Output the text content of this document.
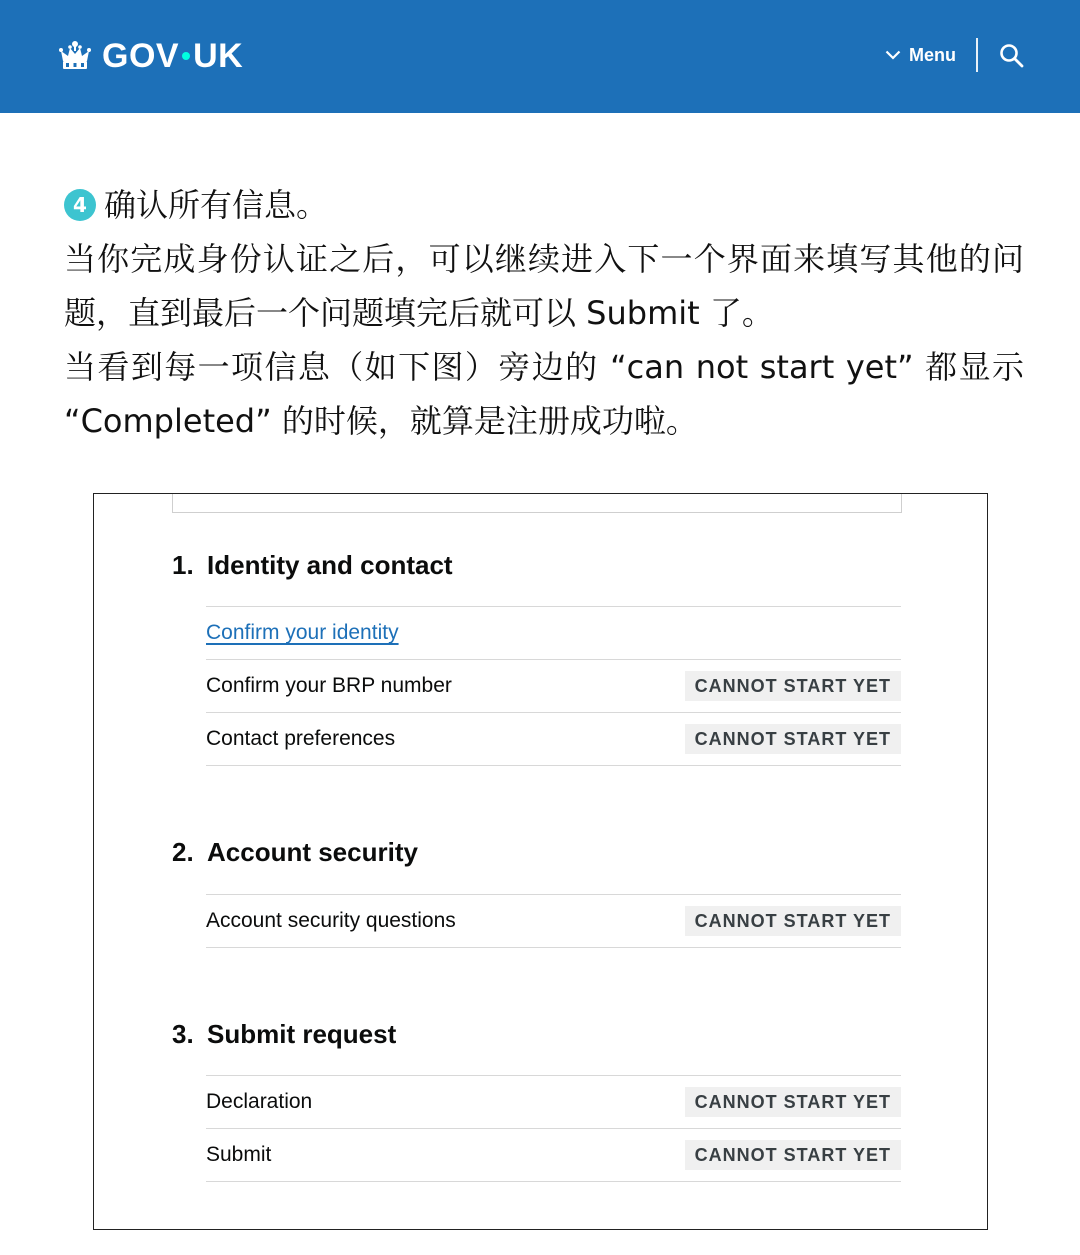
GOV UK	Menu
4 确认所有信息。
当你完成身份认证之后，可以继续进入下一个界面来填写其他的问题，直到最后一个问题填完后就可以 Submit 了。
当看到每一项信息（如下图）旁边的 “can not start yet” 都显示 “Completed” 的时候，就算是注册成功啦。
1. Identity and contact
Confirm your identity
Confirm your BRP number	CANNOT START YET
Contact preferences	CANNOT START YET
2. Account security
Account security questions	CANNOT START YET
3. Submit request
Declaration	CANNOT START YET
Submit	CANNOT START YET
